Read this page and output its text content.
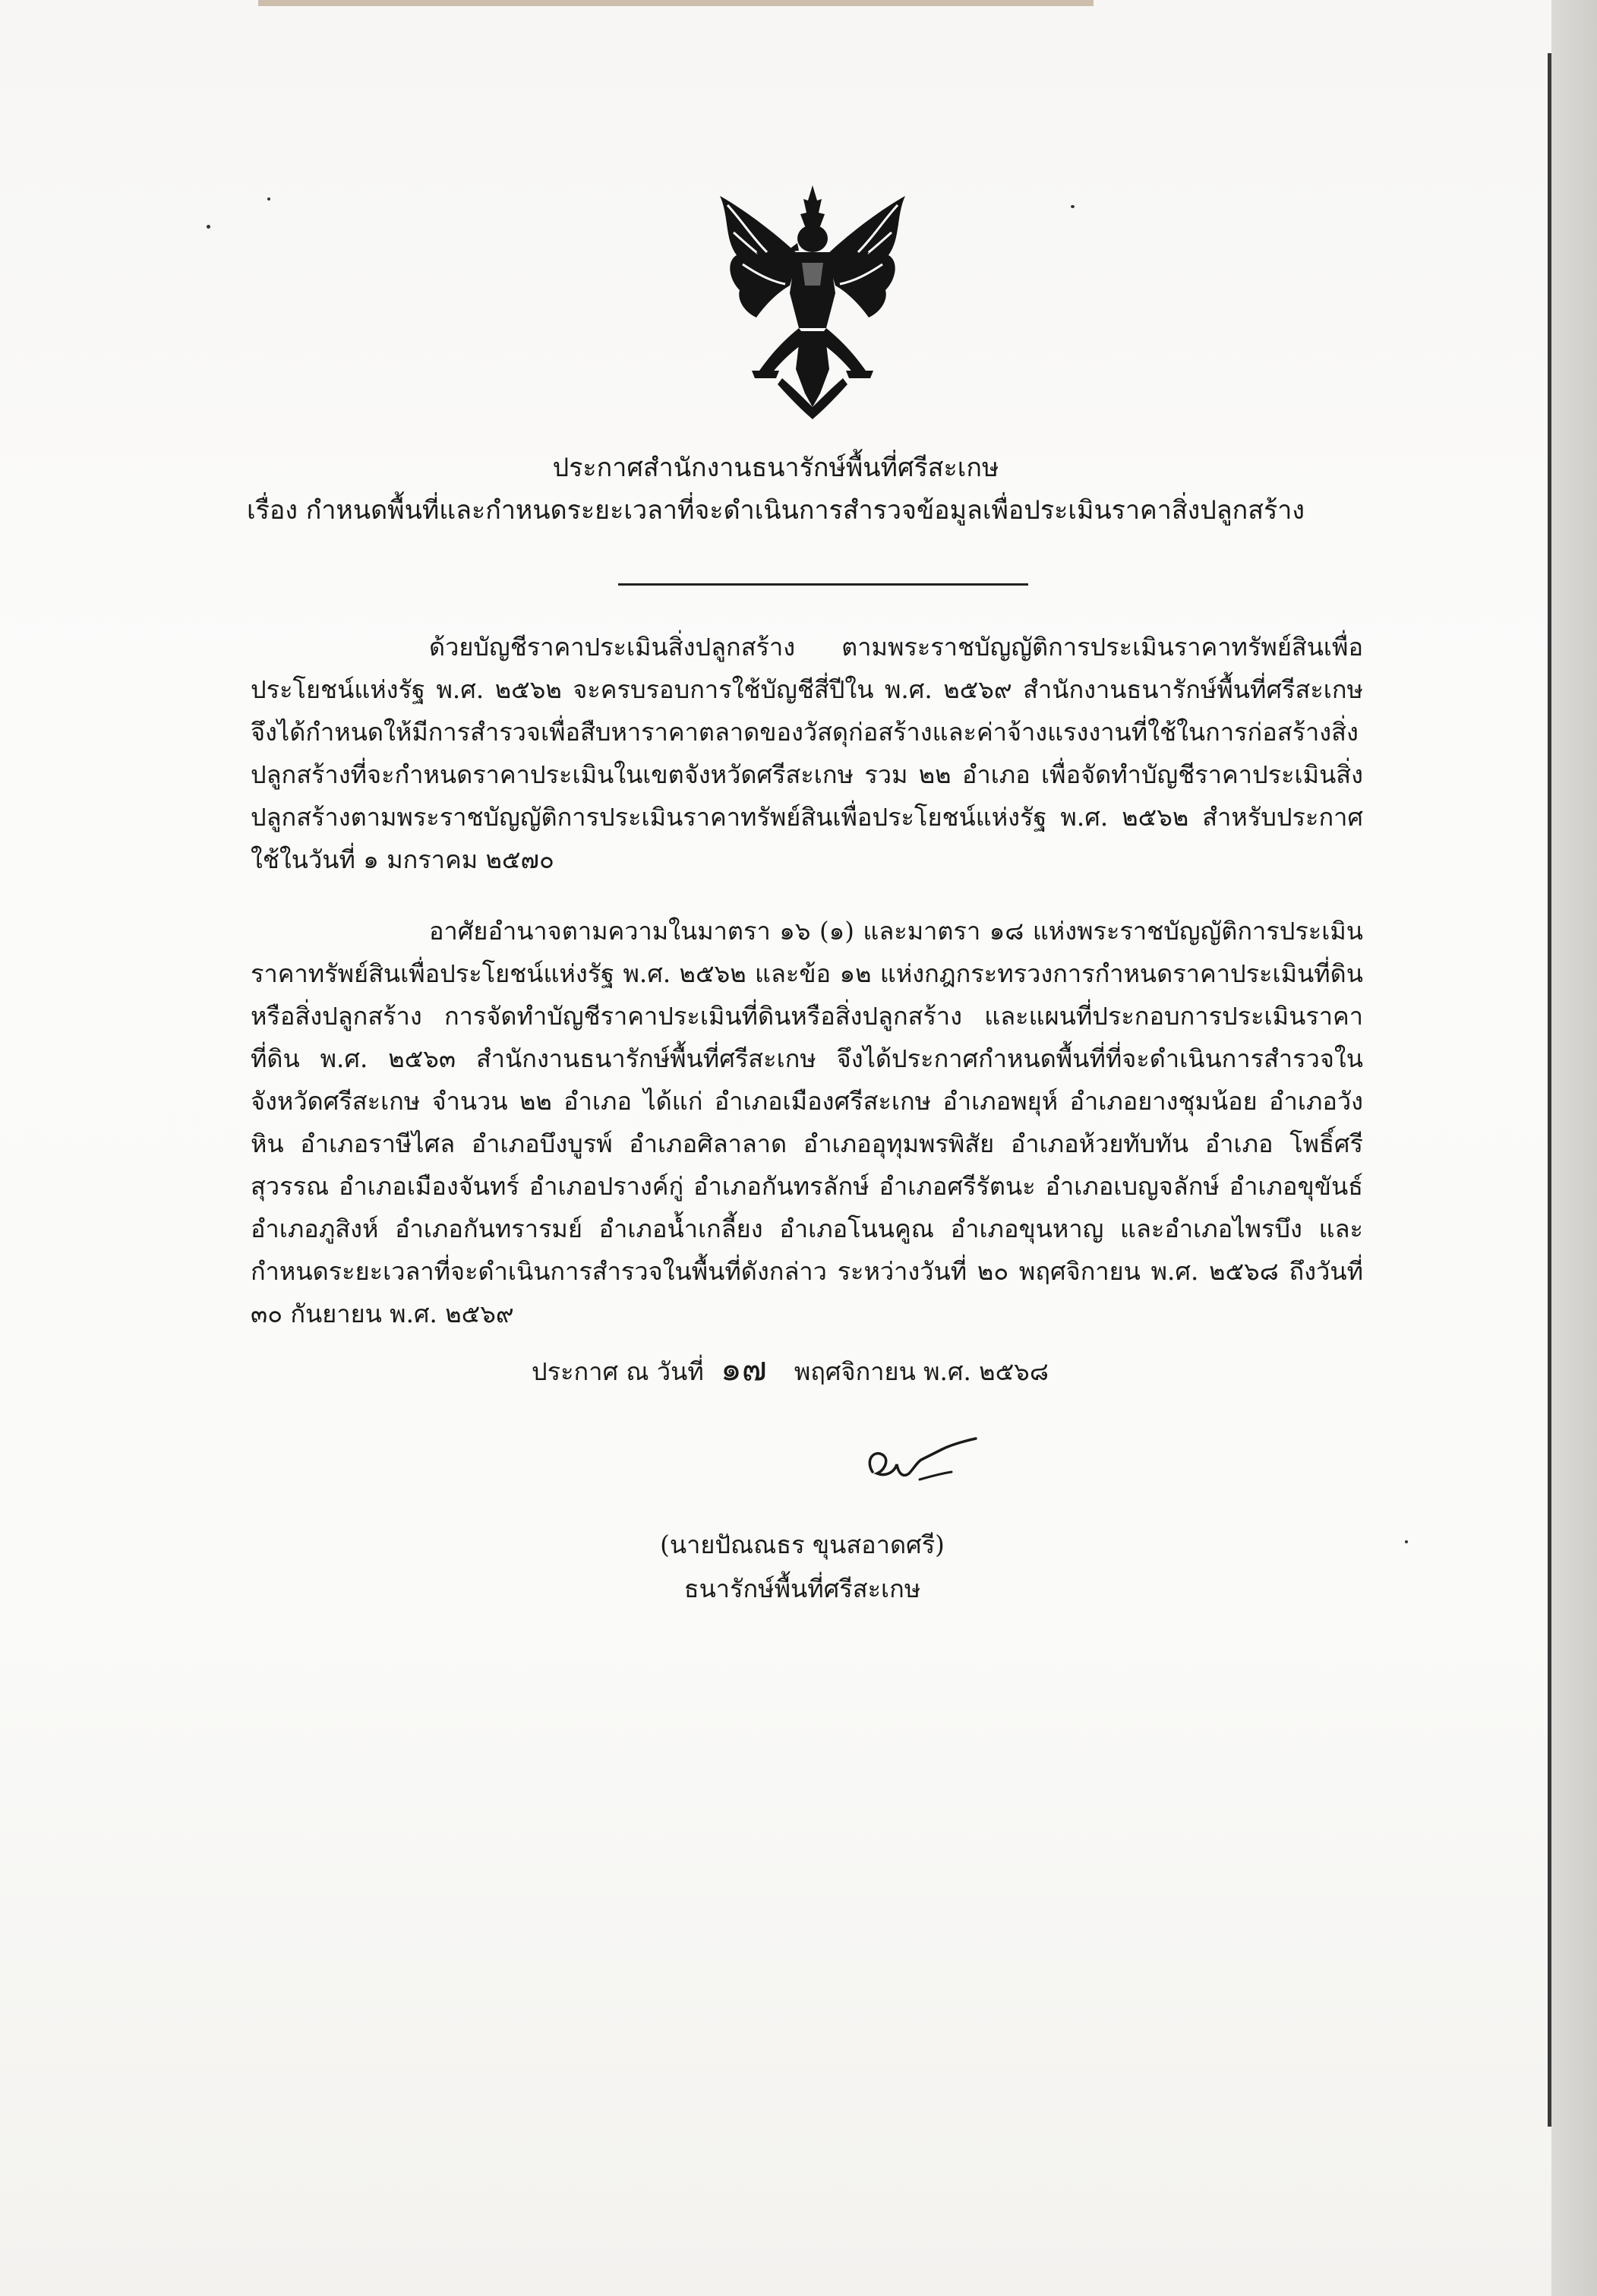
ประกาศสำนักงานธนารักษ์พื้นที่ศรีสะเกษ
เรื่อง กำหนดพื้นที่และกำหนดระยะเวลาที่จะดำเนินการสำรวจข้อมูลเพื่อประเมินราคาสิ่งปลูกสร้าง

ด้วยบัญชีราคาประเมินสิ่งปลูกสร้าง ตามพระราชบัญญัติการประเมินราคาทรัพย์สินเพื่อประโยชน์แห่งรัฐ พ.ศ. ๒๕๖๒ จะครบรอบการใช้บัญชีสี่ปีใน พ.ศ. ๒๕๖๙ สำนักงานธนารักษ์พื้นที่ศรีสะเกษ จึงได้กำหนดให้มีการสำรวจเพื่อสืบหาราคาตลาดของวัสดุก่อสร้างและค่าจ้างแรงงานที่ใช้ในการก่อสร้างสิ่งปลูกสร้างที่จะกำหนดราคาประเมินในเขตจังหวัดศรีสะเกษ รวม ๒๒ อำเภอ เพื่อจัดทำบัญชีราคาประเมินสิ่งปลูกสร้างตามพระราชบัญญัติการประเมินราคาทรัพย์สินเพื่อประโยชน์แห่งรัฐ พ.ศ. ๒๕๖๒ สำหรับประกาศใช้ในวันที่ ๑ มกราคม ๒๕๗๐

อาศัยอำนาจตามความในมาตรา ๑๖ (๑) และมาตรา ๑๘ แห่งพระราชบัญญัติการประเมินราคาทรัพย์สินเพื่อประโยชน์แห่งรัฐ พ.ศ. ๒๕๖๒ และข้อ ๑๒ แห่งกฎกระทรวงการกำหนดราคาประเมินที่ดินหรือสิ่งปลูกสร้าง การจัดทำบัญชีราคาประเมินที่ดินหรือสิ่งปลูกสร้าง และแผนที่ประกอบการประเมินราคาที่ดิน พ.ศ. ๒๕๖๓ สำนักงานธนารักษ์พื้นที่ศรีสะเกษ จึงได้ประกาศกำหนดพื้นที่ที่จะดำเนินการสำรวจในจังหวัดศรีสะเกษ จำนวน ๒๒ อำเภอ ได้แก่ อำเภอเมืองศรีสะเกษ อำเภอพยุห์ อำเภอยางชุมน้อย อำเภอวังหิน อำเภอราษีไศล อำเภอบึงบูรพ์ อำเภอศิลาลาด อำเภออุทุมพรพิสัย อำเภอห้วยทับทัน อำเภอ โพธิ์ศรีสุวรรณ อำเภอเมืองจันทร์ อำเภอปรางค์กู่ อำเภอกันทรลักษ์ อำเภอศรีรัตนะ อำเภอเบญจลักษ์ อำเภอขุขันธ์ อำเภอภูสิงห์ อำเภอกันทรารมย์ อำเภอน้ำเกลี้ยง อำเภอโนนคูณ อำเภอขุนหาญ และอำเภอไพรบึง และกำหนดระยะเวลาที่จะดำเนินการสำรวจในพื้นที่ดังกล่าว ระหว่างวันที่ ๒๐ พฤศจิกายน พ.ศ. ๒๕๖๘ ถึงวันที่ ๓๐ กันยายน พ.ศ. ๒๕๖๙

ประกาศ ณ วันที่ ๑๗ พฤศจิกายน พ.ศ. ๒๕๖๘
(นายปัณณธร ขุนสอาดศรี)
ธนารักษ์พื้นที่ศรีสะเกษ
